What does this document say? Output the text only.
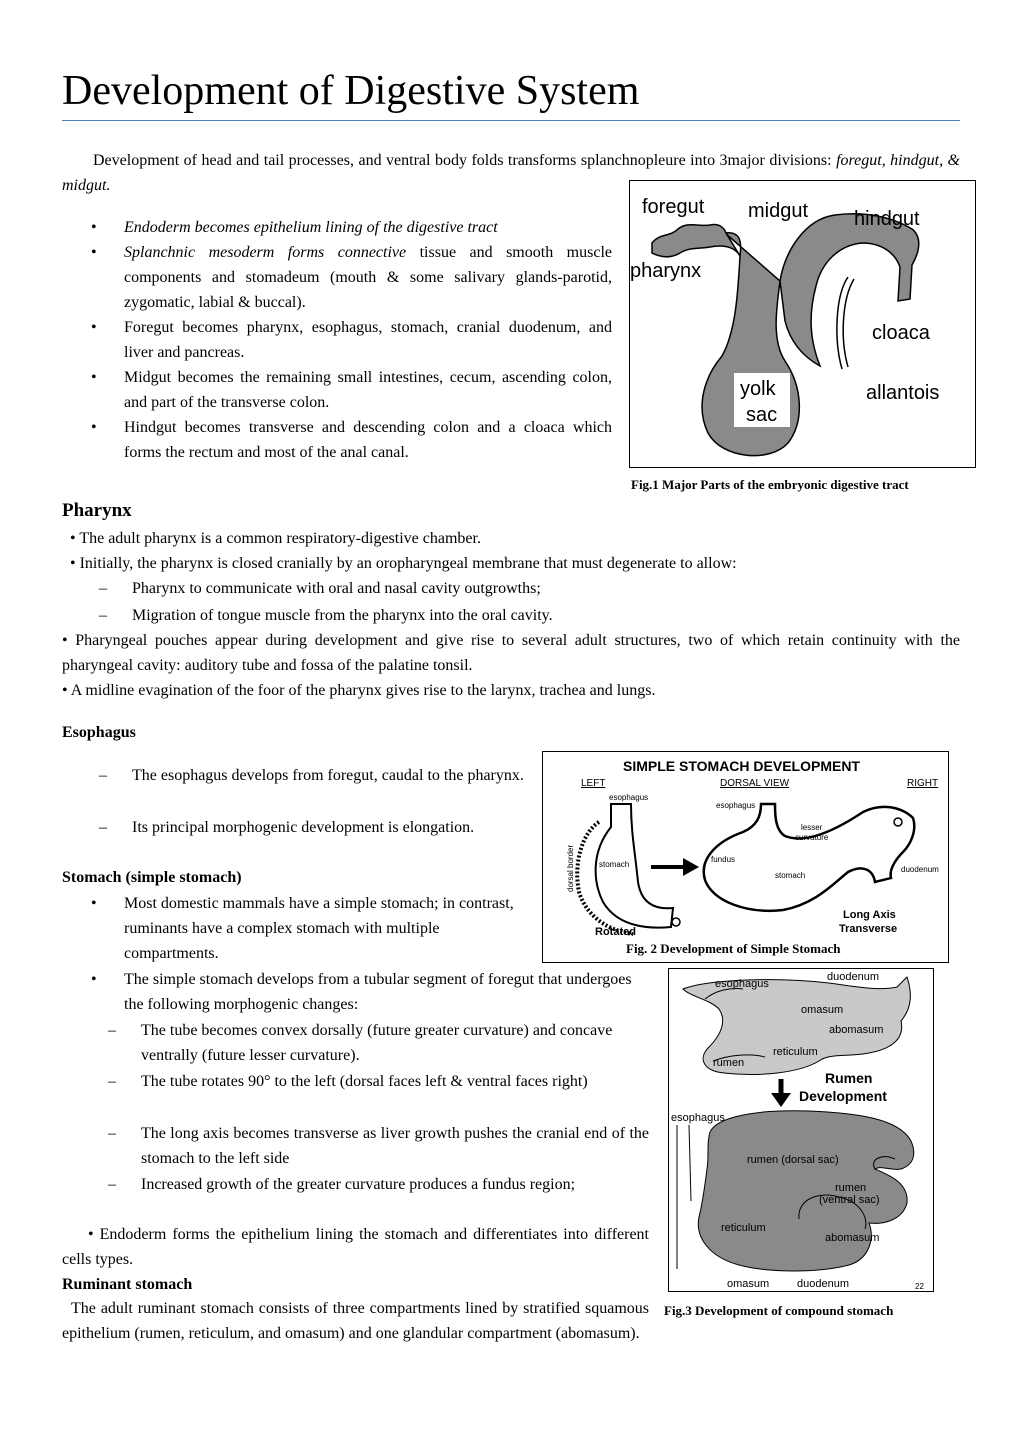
Development of Digestive System
Development of head and tail processes, and ventral body folds transforms splanchnopleure into 3major divisions: foregut, hindgut, & midgut.
• Endoderm becomes epithelium lining of the digestive tract
• Splanchnic mesoderm forms connective tissue and smooth muscle components and stomadeum (mouth & some salivary glands-parotid, zygomatic, labial & buccal).
• Foregut becomes pharynx, esophagus, stomach, cranial duodenum, and liver and pancreas.
• Midgut becomes the remaining small intestines, cecum, ascending colon, and part of the transverse colon.
• Hindgut becomes transverse and descending colon and a cloaca which forms the rectum and most of the anal canal.
foregut midgut hindgut
pharynx
cloaca
allantois
yolk
sac
Fig.1 Major Parts of the embryonic digestive tract
Pharynx
• The adult pharynx is a common respiratory-digestive chamber.
• Initially, the pharynx is closed cranially by an oropharyngeal membrane that must degenerate to allow:
– Pharynx to communicate with oral and nasal cavity outgrowths;
– Migration of tongue muscle from the pharynx into the oral cavity.
• Pharyngeal pouches appear during development and give rise to several adult structures, two of which retain continuity with the pharyngeal cavity: auditory tube and fossa of the palatine tonsil.
• A midline evagination of the foor of the pharynx gives rise to the larynx, trachea and lungs.
Esophagus
– The esophagus develops from foregut, caudal to the pharynx.
– Its principal morphogenic development is elongation.
SIMPLE STOMACH DEVELOPMENT
LEFT	DORSAL VIEW	RIGHT
esophagus
stomach
dorsal border
Rotated
esophagus
lesser
curvature
fundus
stomach
duodenum
Long Axis
Transverse
Fig. 2 Development of Simple Stomach
Stomach (simple stomach)
• Most domestic mammals have a simple stomach; in contrast, ruminants have a complex stomach with multiple compartments.
• The simple stomach develops from a tubular segment of foregut that undergoes the following morphogenic changes:
– The tube becomes convex dorsally (future greater curvature) and concave ventrally (future lesser curvature).
– The tube rotates 90° to the left (dorsal faces left & ventral faces right)
– The long axis becomes transverse as liver growth pushes the cranial end of the stomach to the left side
– Increased growth of the greater curvature produces a fundus region;
• Endoderm forms the epithelium lining the stomach and differentiates into different cells types.
Ruminant stomach
The adult ruminant stomach consists of three compartments lined by stratified squamous epithelium (rumen, reticulum, and omasum) and one glandular compartment (abomasum).
esophagus
duodenum
omasum
abomasum
reticulum
rumen
Rumen
Development
esophagus
rumen (dorsal sac)
rumen
(ventral sac)
reticulum
abomasum
omasum	duodenum	22
Fig.3 Development of compound stomach
